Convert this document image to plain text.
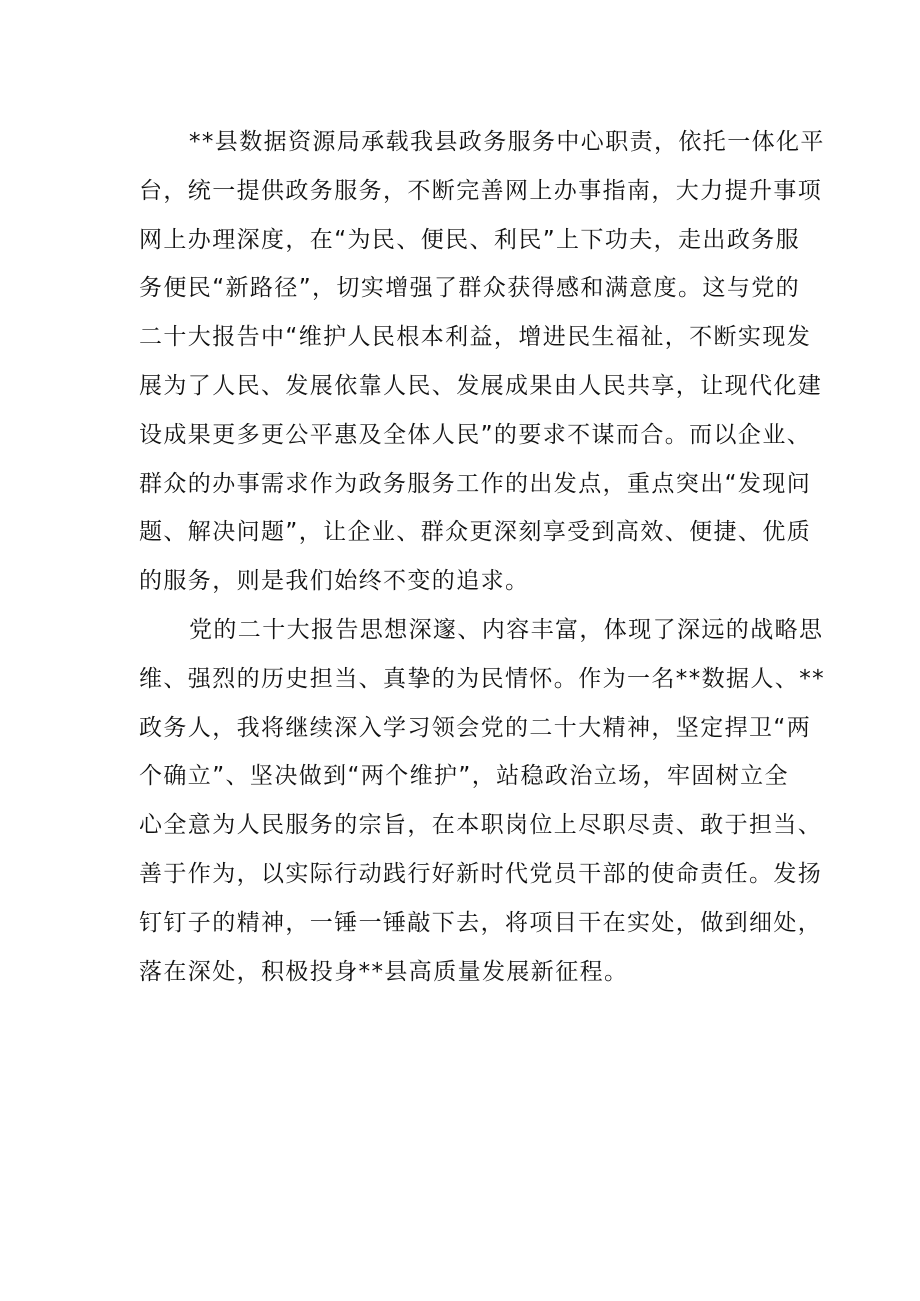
**县数据资源局承载我县政务服务中心职责，依托一体化平
台，统一提供政务服务，不断完善网上办事指南，大力提升事项
网上办理深度，在“为民、便民、利民”上下功夫，走出政务服
务便民“新路径”，切实增强了群众获得感和满意度。这与党的
二十大报告中“维护人民根本利益，增进民生福祉，不断实现发
展为了人民、发展依靠人民、发展成果由人民共享，让现代化建
设成果更多更公平惠及全体人民”的要求不谋而合。而以企业、
群众的办事需求作为政务服务工作的出发点，重点突出“发现问
题、解决问题”，让企业、群众更深刻享受到高效、便捷、优质
的服务，则是我们始终不变的追求。
党的二十大报告思想深邃、内容丰富，体现了深远的战略思
维、强烈的历史担当、真挚的为民情怀。作为一名**数据人、**
政务人，我将继续深入学习领会党的二十大精神，坚定捍卫“两
个确立”、坚决做到“两个维护”，站稳政治立场，牢固树立全
心全意为人民服务的宗旨，在本职岗位上尽职尽责、敢于担当、
善于作为，以实际行动践行好新时代党员干部的使命责任。发扬
钉钉子的精神，一锤一锤敲下去，将项目干在实处，做到细处，
落在深处，积极投身**县高质量发展新征程。
